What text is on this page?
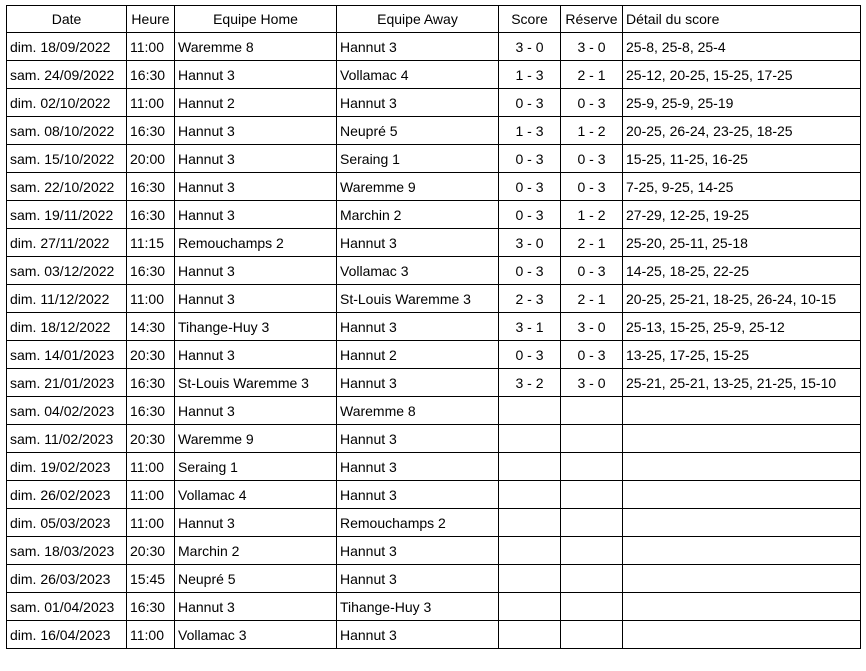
Date	Heure	Equipe Home	Equipe Away	Score	Réserve	Détail du score
dim. 18/09/2022	11:00	Waremme 8	Hannut 3	3 - 0	3 - 0	25-8, 25-8, 25-4
sam. 24/09/2022	16:30	Hannut 3	Vollamac 4	1 - 3	2 - 1	25-12, 20-25, 15-25, 17-25
dim. 02/10/2022	11:00	Hannut 2	Hannut 3	0 - 3	0 - 3	25-9, 25-9, 25-19
sam. 08/10/2022	16:30	Hannut 3	Neupré 5	1 - 3	1 - 2	20-25, 26-24, 23-25, 18-25
sam. 15/10/2022	20:00	Hannut 3	Seraing 1	0 - 3	0 - 3	15-25, 11-25, 16-25
sam. 22/10/2022	16:30	Hannut 3	Waremme 9	0 - 3	0 - 3	7-25, 9-25, 14-25
sam. 19/11/2022	16:30	Hannut 3	Marchin 2	0 - 3	1 - 2	27-29, 12-25, 19-25
dim. 27/11/2022	11:15	Remouchamps 2	Hannut 3	3 - 0	2 - 1	25-20, 25-11, 25-18
sam. 03/12/2022	16:30	Hannut 3	Vollamac 3	0 - 3	0 - 3	14-25, 18-25, 22-25
dim. 11/12/2022	11:00	Hannut 3	St-Louis Waremme 3	2 - 3	2 - 1	20-25, 25-21, 18-25, 26-24, 10-15
dim. 18/12/2022	14:30	Tihange-Huy 3	Hannut 3	3 - 1	3 - 0	25-13, 15-25, 25-9, 25-12
sam. 14/01/2023	20:30	Hannut 3	Hannut 2	0 - 3	0 - 3	13-25, 17-25, 15-25
sam. 21/01/2023	16:30	St-Louis Waremme 3	Hannut 3	3 - 2	3 - 0	25-21, 25-21, 13-25, 21-25, 15-10
sam. 04/02/2023	16:30	Hannut 3	Waremme 8			
sam. 11/02/2023	20:30	Waremme 9	Hannut 3			
dim. 19/02/2023	11:00	Seraing 1	Hannut 3			
dim. 26/02/2023	11:00	Vollamac 4	Hannut 3			
dim. 05/03/2023	11:00	Hannut 3	Remouchamps 2			
sam. 18/03/2023	20:30	Marchin 2	Hannut 3			
dim. 26/03/2023	15:45	Neupré 5	Hannut 3			
sam. 01/04/2023	16:30	Hannut 3	Tihange-Huy 3			
dim. 16/04/2023	11:00	Vollamac 3	Hannut 3			
